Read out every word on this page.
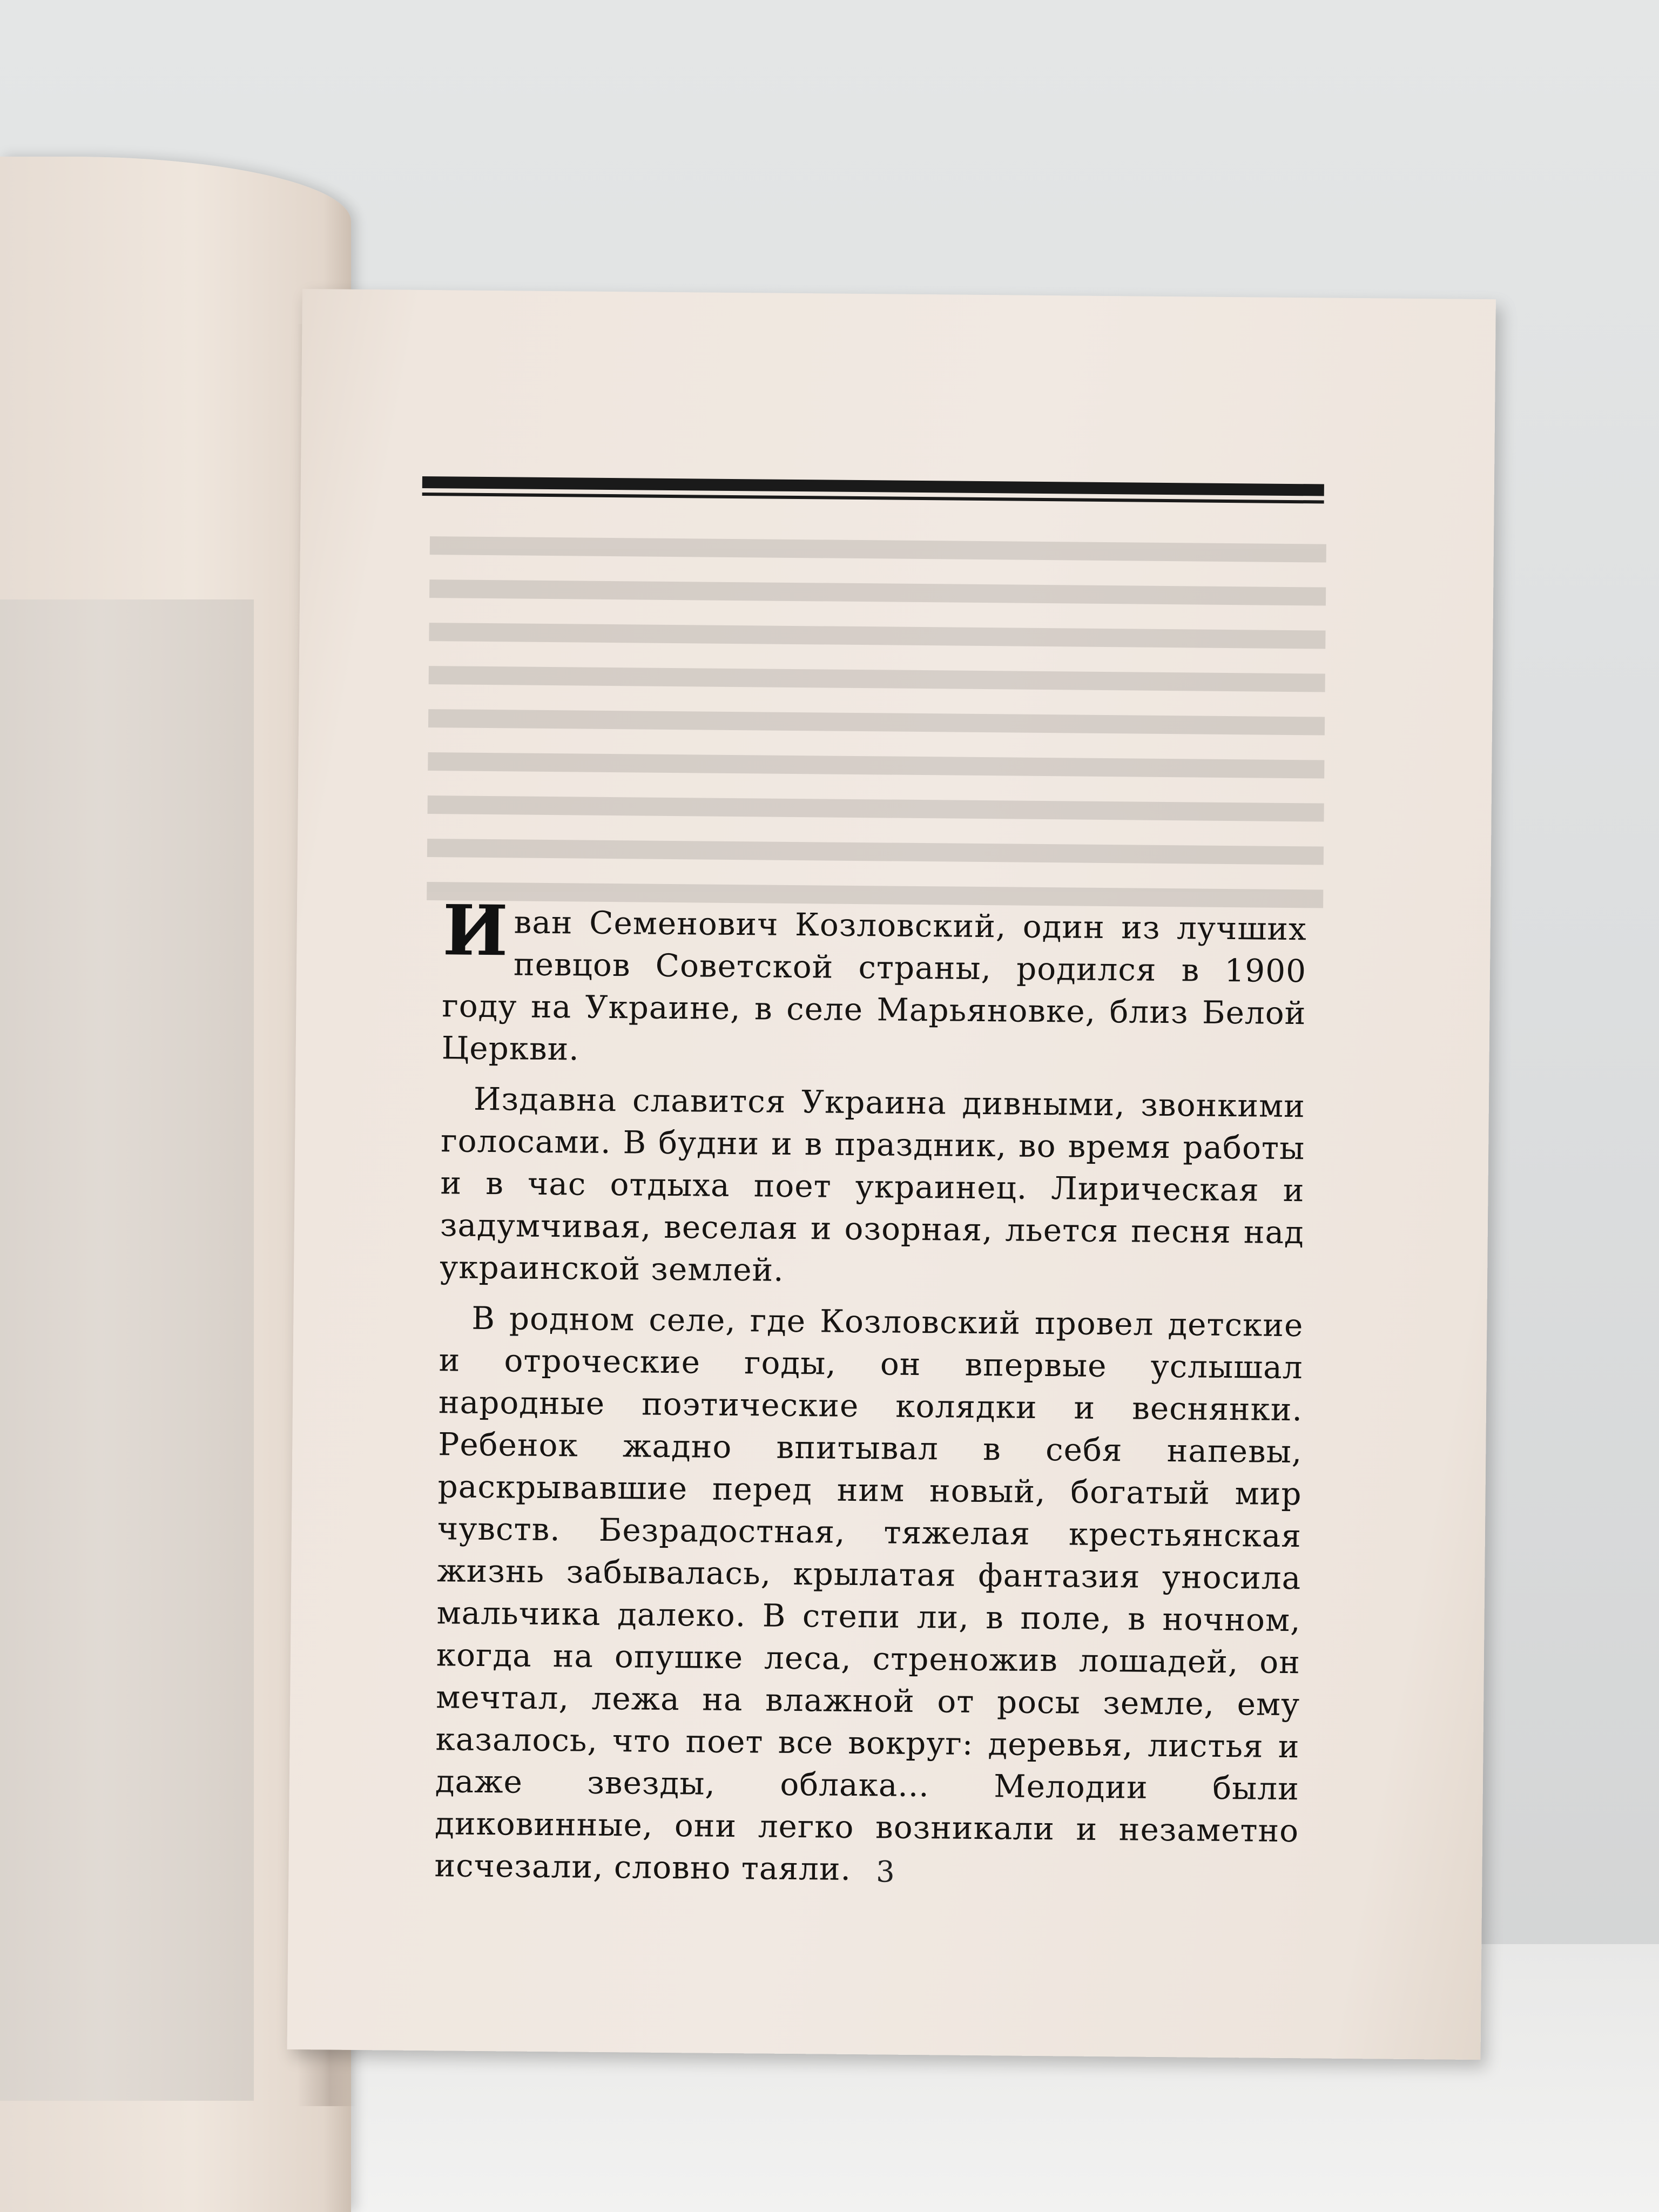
Иван Семенович Козловский, один из лучших певцов Советской страны, родился в 1900 году на Украине, в селе Марьяновке, близ Белой Церкви.

Издавна славится Украина дивными, звонкими голосами. В будни и в праздник, во время работы и в час отдыха поет украинец. Лирическая и задумчивая, веселая и озорная, льется песня над украинской землей.

В родном селе, где Козловский провел детские и отроческие годы, он впервые услышал народные поэтические колядки и веснянки. Ребенок жадно впитывал в себя напевы, раскрывавшие перед ним новый, богатый мир чувств. Безрадостная, тяжелая крестьянская жизнь забывалась, крылатая фантазия уносила мальчика далеко. В степи ли, в поле, в ночном, когда на опушке леса, стреножив лошадей, он мечтал, лежа на влажной от росы земле, ему казалось, что поет все вокруг: деревья, листья и даже звезды, облака... Мелодии были диковинные, они легко возникали и незаметно исчезали, словно таяли. 3
